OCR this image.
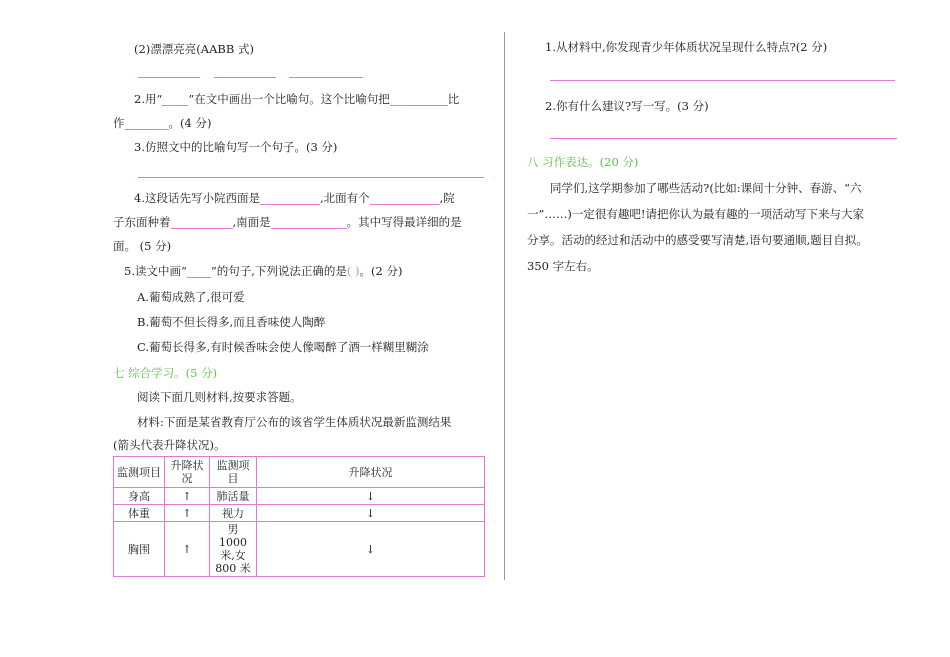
(2)漂漂亮亮(AABB 式)
2.用“ ”在文中画出一个比喻句。这个比喻句把	比
作	。(4 分)
3.仿照文中的比喻句写一个句子。(3 分)
4.这段话先写小院西面是	,北面有个	,院
子东面种着	,南面是	。其中写得最详细的是
面。 (5 分)
5.读文中画“ ”的句子,下列说法正确的是( )。(2 分)
A.葡萄成熟了,很可爱
B.葡萄不但长得多,而且香味使人陶醉
C.葡萄长得多,有时候香味会使人像喝醉了酒一样糊里糊涂
七 综合学习。(5 分)
阅读下面几则材料,按要求答题。
材料:下面是某省教育厅公布的该省学生体质状况最新监测结果
(箭头代表升降状况)。
监测项目	升降状况	监测项目	升降状况
身高	↑	肺活量	↓
体重	↑	视力	↓
胸围	↑	男 1000 米,女 800 米	↓
1.从材料中,你发现青少年体质状况呈现什么特点?(2 分)
2.你有什么建议?写一写。(3 分)
八 习作表达。(20 分)
同学们,这学期参加了哪些活动?(比如:课间十分钟、春游、“六
一”……)一定很有趣吧!请把你认为最有趣的一项活动写下来与大家
分享。活动的经过和活动中的感受要写清楚,语句要通顺,题目自拟。
350 字左右。
